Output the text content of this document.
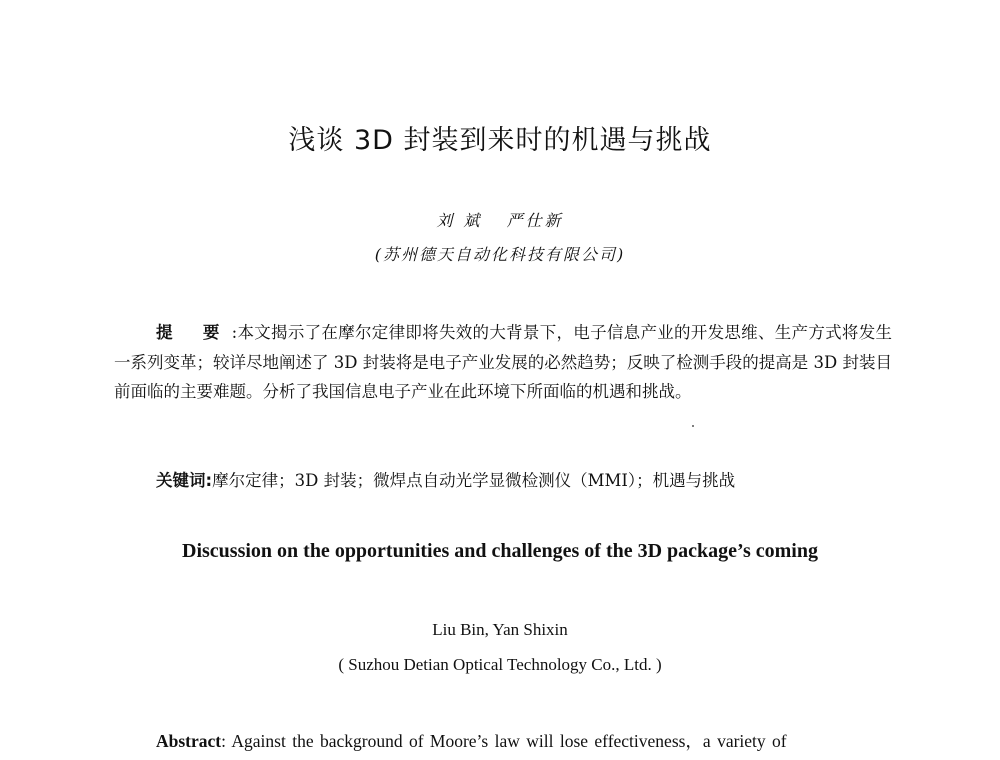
浅谈 3D 封装到来时的机遇与挑战
刘 斌   严仕新
(苏州德天自动化科技有限公司)

提 要:本文揭示了在摩尔定律即将失效的大背景下，电子信息产业的开发思维、生产方式将发生一系列变革；较详尽地阐述了 3D 封装将是电子产业发展的必然趋势；反映了检测手段的提高是 3D 封装目前面临的主要难题。分析了我国信息电子产业在此环境下所面临的机遇和挑战。

关键词:摩尔定律；3D 封装；微焊点自动光学显微检测仪（MMI）；机遇与挑战

Discussion on the opportunities and challenges of the 3D package’s coming
Liu Bin, Yan Shixin
( Suzhou Detian Optical Technology Co., Ltd. )

Abstract: Against the background of Moore’s law will lose effectiveness，a variety of
